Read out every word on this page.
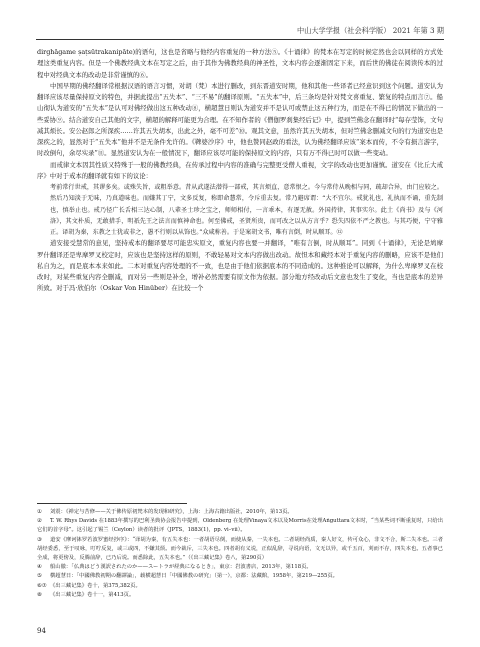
中山大学学报（社会科学版） 2021 年第 3 期

dirghāgame ṣaṭsūtrakanipāte)的语句，这也是省略与他经内容重复的一种方法⑤。《十诵律》的梵本在写定的时候定然也会以同样的方式处理这类重复内容。但是一个佛教经典文本在写定之后，由于其作为佛教经典的神圣性，文本内容会逐渐固定下来，而后世的佛徒在阅读传本的过程中对经典文本的改动是非常谨慎的⑥。

中国早期的佛经翻译常根据汉语的语言习惯，对胡（梵）本进行删改，到东晋道安时期，他和其他一些译者已经意识到这个问题。道安认为翻译应该尽量保持原文的特色，并据此提出“五失本”、“三不易”的翻译原则。“五失本”中，后三条均是针对梵文喜重复、繁复的特点而言⑦。船山彻认为道安的“五失本”是认可对佛经做出这五种改动⑧，横超慧日则认为道安并不是认可或禁止这五种行为，而是在不得已的情况下做出的一些妥协⑨。结合道安自己其他的文字，横超的解释可能更为合理。在不知作者的《僧伽罗刹集经后记》中，提到竺佛念在翻译时“每存莹饰，文句减其烦长。安公赵郎之所深疾……许其五失胡本，出此之外，毫不可差”⑩。观其文意，虽然许其五失胡本，但对竺佛念删减文句的行为道安也是深疾之的，显然对于“五失本”他并不是无条件允许的。《鞞婆沙序》中，他也赞同赵政的看法，认为佛经翻译应该“案本而传，不令有损言游字，时改倒句，余尽实录”⑪。显然道安认为在一般情况下，翻译应该尽可能的保持原文的内容，只有万不得已时可以做一些变动。

而戒律文本因其性质又特殊于一般的佛教经典，在传承过程中内容的准确与完整更受僧人重视，文字的改动也更加谨慎。道安在《比丘大戒序》中对于戒本的翻译就有如下的议论：

考前常行世戒，其谬多矣。或殊失旨，或粗举意。昔从武遂法潜得一部戒，其言烦直，意常恨之。今与常侍从晚相与同，疏却合异，由门应较之。然后乃知淡于无味，乃真道味也。而嫌其丁宁，文多反复，称即命慧常，令斥重去复。常乃避席谓：“大不宜尔。戒犹礼也，礼执而不诵，重先制也，慎举止也。戒乃径广长舌相三达心制，八辈圣士珍之宝之，师师相付，一言乖本，有逐无赦。外国持律，其事实尔。此土《尚书》及与《河洛》，其文朴质，无敢措手，明祇先王之法言而慎神命也。何至佛戒，圣贤所贵，而可改之以从方言乎？恐失四依不严之教也。与其巧便，宁守雅正。译胡为秦，东教之士犹或非之，愚不行则以从饰也。”众咸称善。于是案胡文书，唯有言倒，时从顺耳。⑫

道安接受慧常的意见，坚持戒本的翻译要尽可能忠实原文，重复内容也要一并翻译，“唯有言倒，时从顺耳”。同到《十诵律》，无论是鸠摩罗什翻译还是卑摩罗叉校定时，应该也是坚持这样的原则，不敢轻易对文本内容做出改动。故怛本和藏经本对于重复内容的删略，应该不是他们私自为之，而是底本本来如此。二本对重复内容处理的不一致，也是由于他们依据底本的不同造成的。这种推论可以解释，为什么卑摩罗叉在校改时，对某些重复内容全删减，而对另一些则是补全，增补必然需要有原文作为依据。部分地方经改动后文意也发生了变化，当也是底本的差异所致。对于冯·欣伯尔（Oskar Von Hinüber）在比较一个

① 刘震：《禅定与苦修——关于佛传原初梵本的发现和研究》，上海：上海古籍出版社，2010年，第13页。

② T. W. Rhys Davids 在1883年撰写的巴利圣典协会报告中提到，Oldenberg 在处理Vinaya文本以及Morris在处理Aṅguttara文本时，“当某些词不断重复时，只给出它们的首字母”。这引起了锡兰（Ceylon）读者的批评（JPTS，1883(1)，pp. vi–vii）。

③ 道安《摩诃钵罗若波罗蜜经抄序》：“译胡为秦，有五失本也：一者胡语尽倒，而使从秦，一失本也。二者胡经尚质，秦人好文，传可众心，非文不合，斯二失本也。三者胡经委悉，至于叹咏，叮咛反复，或三或四，不嫌其烦。而今裁斥，三失本也。四者胡有义说，正似乱辞，寻说向语，文无以异，或千五百，刈而不存，四失本也。五者事已全成，将更傍及，反腾前辞，已乃后说。而悉除此，五失本也。”（《出三藏记集》卷八，第290页）

④ 船山徹：「仏典はどう漢訳されたのか——スートラが経典になるとき」，東京：岩波書店，2013年，第118页。

⑤ 横超慧日：「中國佛教初期の翻譯論」，载横超慧日「中國佛教の研究」（第一），京都：法藏館，1958年，第219—255页。

⑥⑦ 《出三藏记集》卷十，第375,382页。

⑧ 《出三藏记集》卷十一，第413页。

94
